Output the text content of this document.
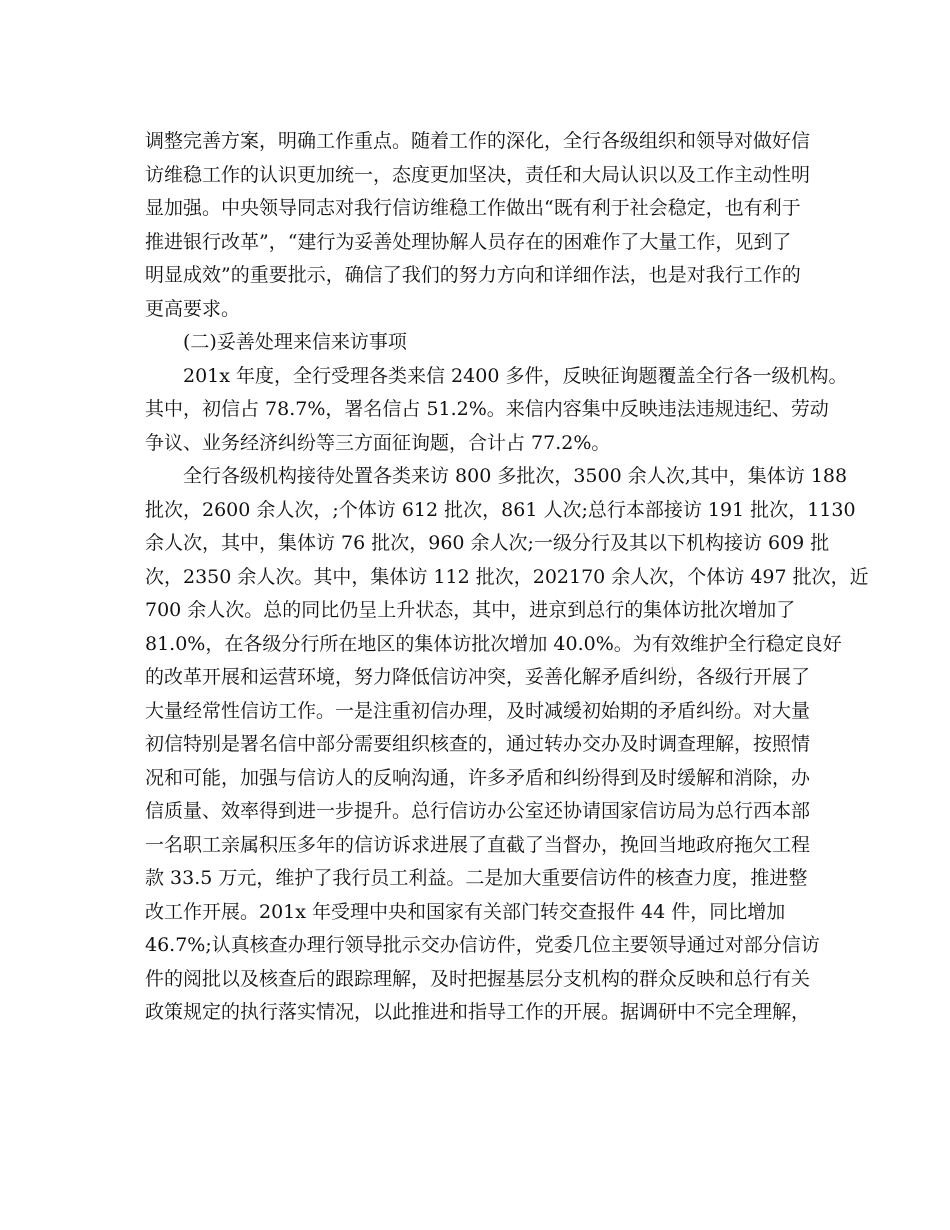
调整完善方案，明确工作重点。随着工作的深化，全行各级组织和领导对做好信
访维稳工作的认识更加统一，态度更加坚决，责任和大局认识以及工作主动性明
显加强。中央领导同志对我行信访维稳工作做出“既有利于社会稳定，也有利于
推进银行改革”，“建行为妥善处理协解人员存在的困难作了大量工作，见到了
明显成效”的重要批示，确信了我们的努力方向和详细作法，也是对我行工作的
更高要求。
(二)妥善处理来信来访事项
201x 年度，全行受理各类来信 2400 多件，反映征询题覆盖全行各一级机构。
其中，初信占 78.7%，署名信占 51.2%。来信内容集中反映违法违规违纪、劳动
争议、业务经济纠纷等三方面征询题，合计占 77.2%。
全行各级机构接待处置各类来访 800 多批次，3500 余人次,其中，集体访 188
批次，2600 余人次，;个体访 612 批次，861 人次;总行本部接访 191 批次，1130
余人次，其中，集体访 76 批次，960 余人次;一级分行及其以下机构接访 609 批
次，2350 余人次。其中，集体访 112 批次，202170 余人次，个体访 497 批次，近
700 余人次。总的同比仍呈上升状态，其中，进京到总行的集体访批次增加了
81.0%，在各级分行所在地区的集体访批次增加 40.0%。为有效维护全行稳定良好
的改革开展和运营环境，努力降低信访冲突，妥善化解矛盾纠纷，各级行开展了
大量经常性信访工作。一是注重初信办理，及时减缓初始期的矛盾纠纷。对大量
初信特别是署名信中部分需要组织核查的，通过转办交办及时调查理解，按照情
况和可能，加强与信访人的反响沟通，许多矛盾和纠纷得到及时缓解和消除，办
信质量、效率得到进一步提升。总行信访办公室还协请国家信访局为总行西本部
一名职工亲属积压多年的信访诉求进展了直截了当督办，挽回当地政府拖欠工程
款 33.5 万元，维护了我行员工利益。二是加大重要信访件的核查力度，推进整
改工作开展。201x 年受理中央和国家有关部门转交查报件 44 件，同比增加
46.7%;认真核查办理行领导批示交办信访件，党委几位主要领导通过对部分信访
件的阅批以及核查后的跟踪理解，及时把握基层分支机构的群众反映和总行有关
政策规定的执行落实情况，以此推进和指导工作的开展。据调研中不完全理解，
